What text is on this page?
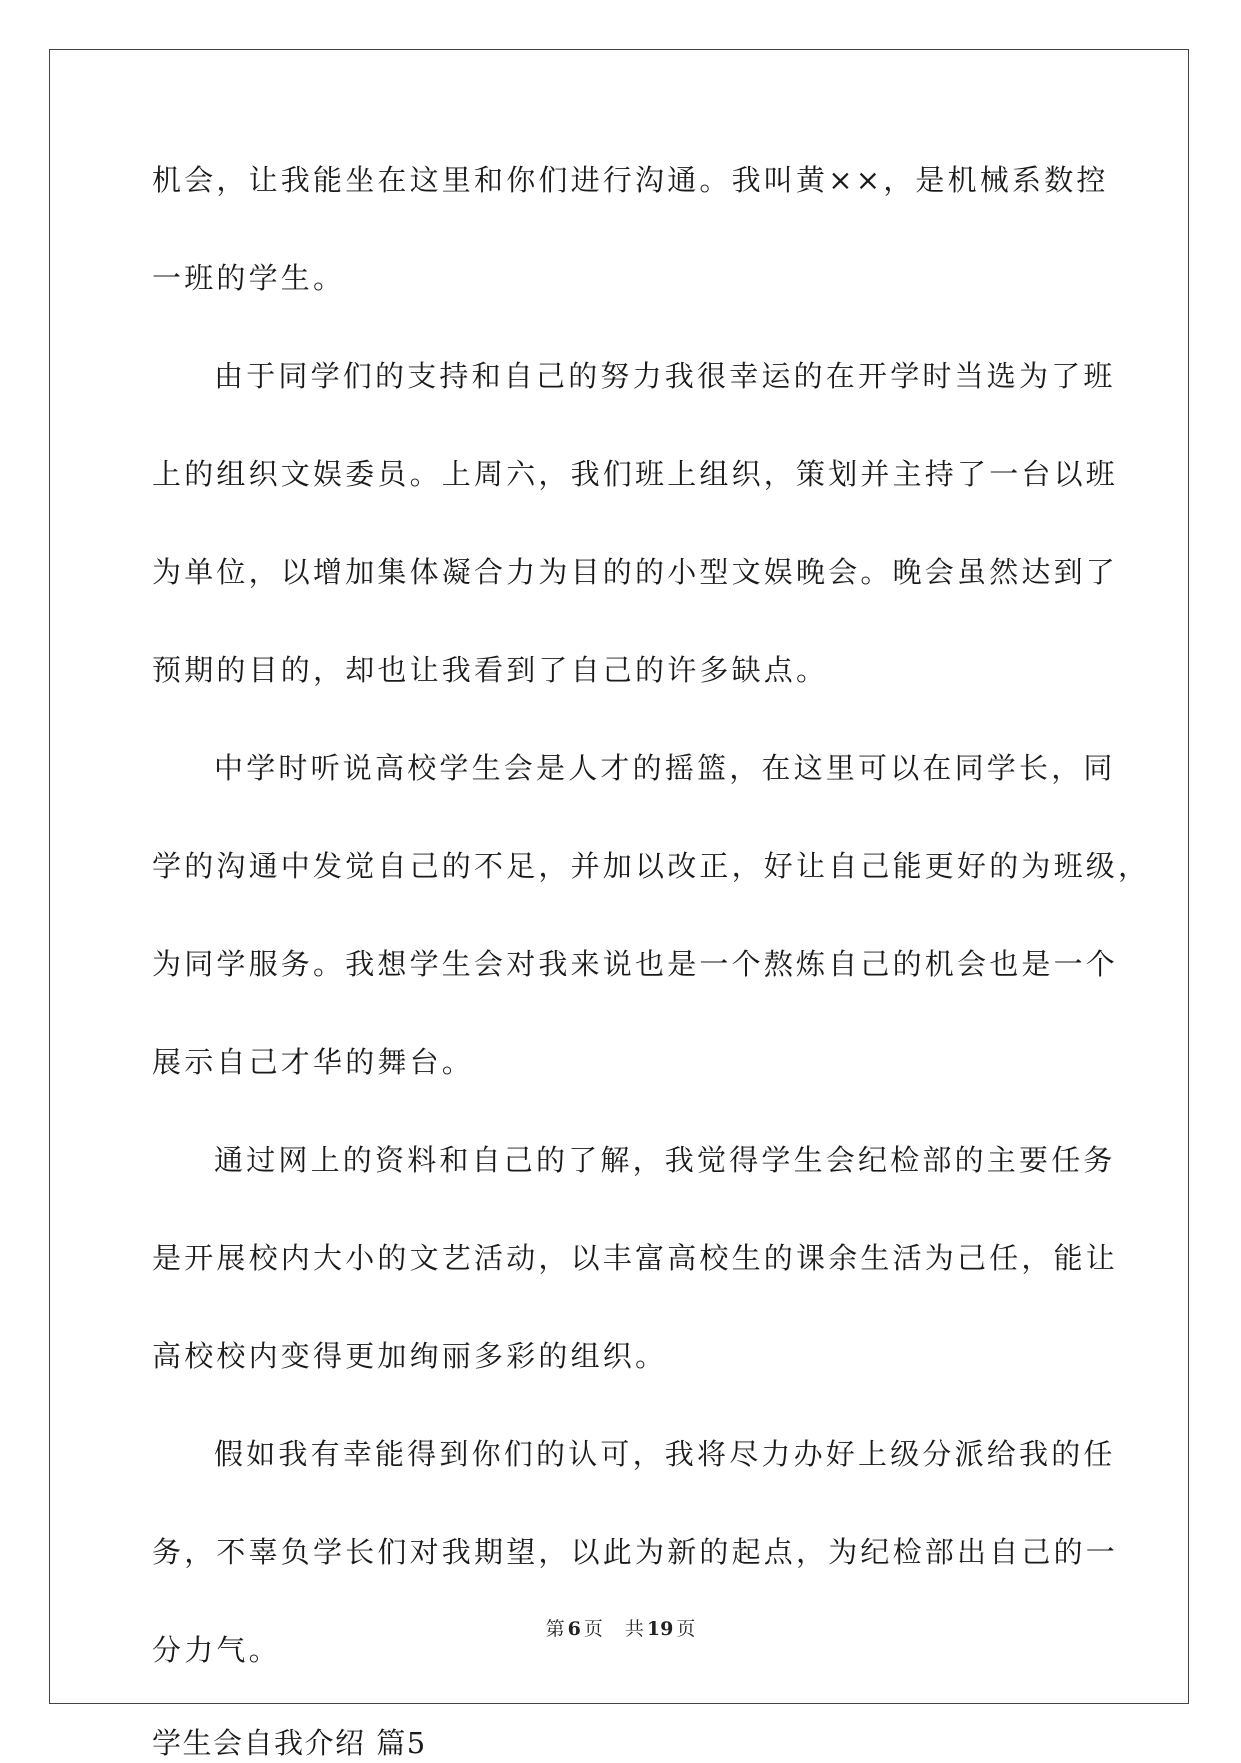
机会，让我能坐在这里和你们进行沟通。我叫黄××，是机械系数控
一班的学生。
由于同学们的支持和自己的努力我很幸运的在开学时当选为了班
上的组织文娱委员。上周六，我们班上组织，策划并主持了一台以班
为单位，以增加集体凝合力为目的的小型文娱晚会。晚会虽然达到了
预期的目的，却也让我看到了自己的许多缺点。
中学时听说高校学生会是人才的摇篮，在这里可以在同学长，同
学的沟通中发觉自己的不足，并加以改正，好让自己能更好的为班级，
为同学服务。我想学生会对我来说也是一个熬炼自己的机会也是一个
展示自己才华的舞台。
通过网上的资料和自己的了解，我觉得学生会纪检部的主要任务
是开展校内大小的文艺活动，以丰富高校生的课余生活为己任，能让
高校校内变得更加绚丽多彩的组织。
假如我有幸能得到你们的认可，我将尽力办好上级分派给我的任
务，不辜负学长们对我期望，以此为新的起点，为纪检部出自己的一
分力气。
学生会自我介绍 篇5
第 6 页 共 19 页
